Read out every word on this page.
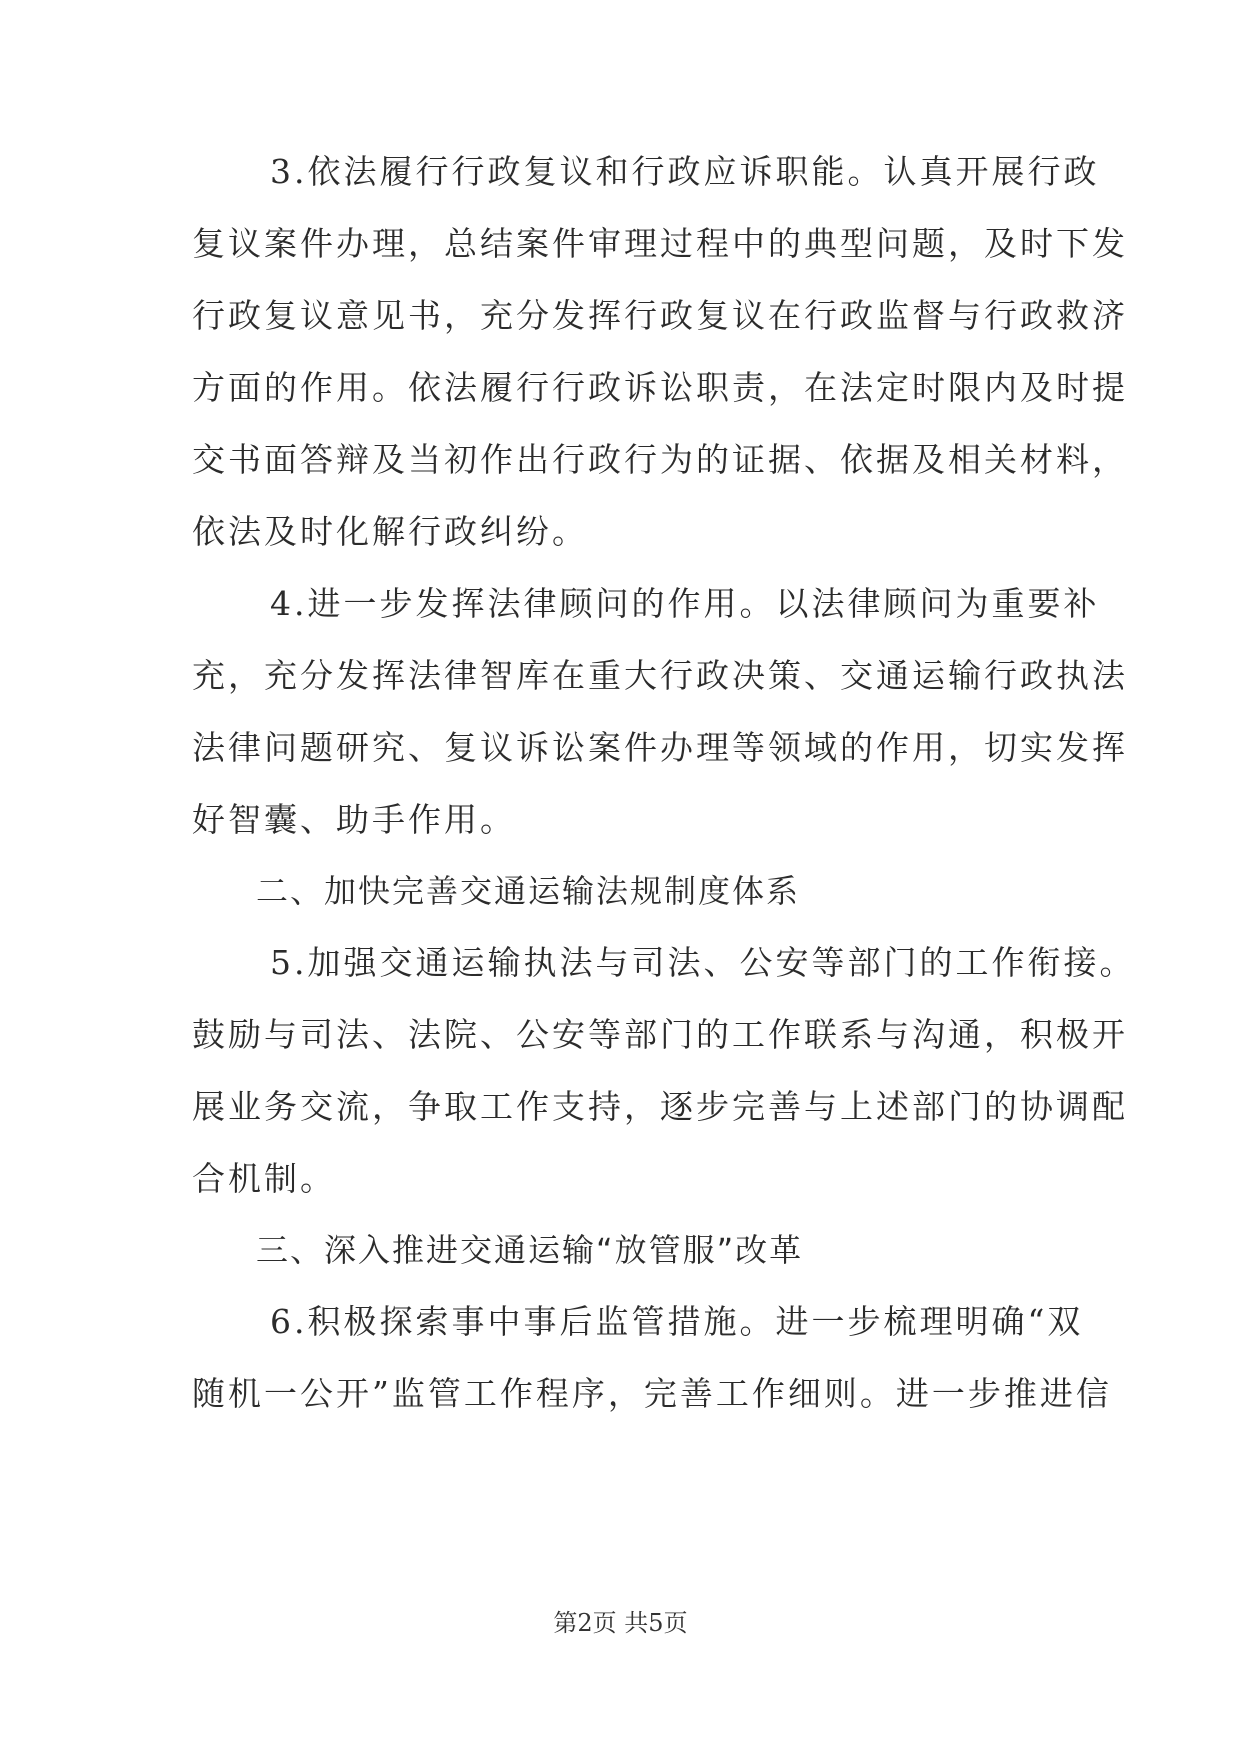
3.依法履行行政复议和行政应诉职能。认真开展行政
复议案件办理，总结案件审理过程中的典型问题，及时下发
行政复议意见书，充分发挥行政复议在行政监督与行政救济
方面的作用。依法履行行政诉讼职责，在法定时限内及时提
交书面答辩及当初作出行政行为的证据、依据及相关材料，
依法及时化解行政纠纷。
4.进一步发挥法律顾问的作用。以法律顾问为重要补
充，充分发挥法律智库在重大行政决策、交通运输行政执法
法律问题研究、复议诉讼案件办理等领域的作用，切实发挥
好智囊、助手作用。
二、加快完善交通运输法规制度体系
5.加强交通运输执法与司法、公安等部门的工作衔接。
鼓励与司法、法院、公安等部门的工作联系与沟通，积极开
展业务交流，争取工作支持，逐步完善与上述部门的协调配
合机制。
三、深入推进交通运输“放管服”改革
6.积极探索事中事后监管措施。进一步梳理明确“双
随机一公开”监管工作程序，完善工作细则。进一步推进信
第2页 共5页
